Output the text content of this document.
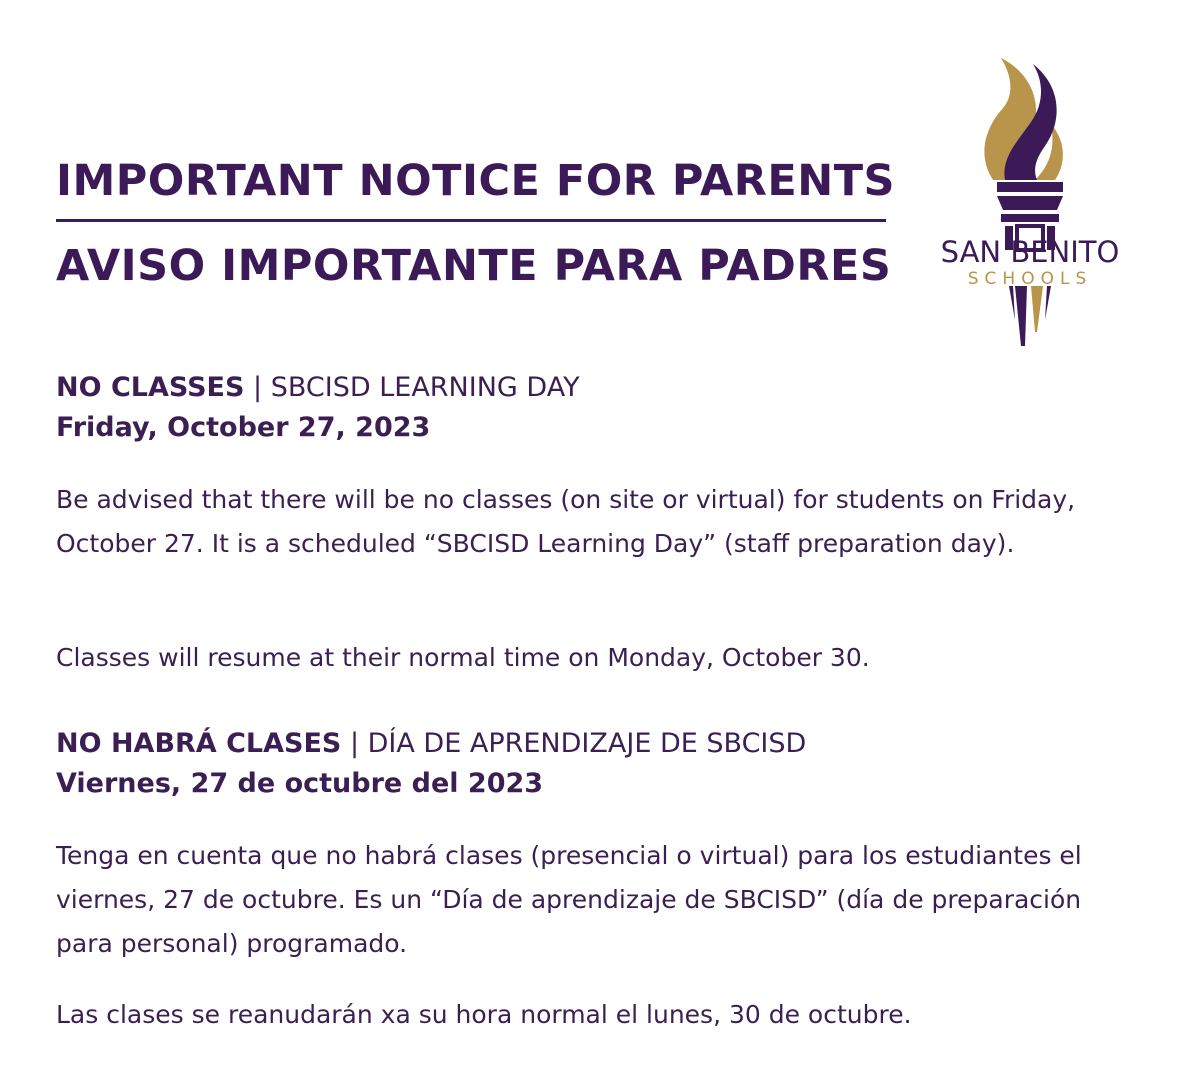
IMPORTANT NOTICE FOR PARENTS
AVISO IMPORTANTE PARA PADRES SAN BENITO
SCHOOLS
NO CLASSES | SBCISD LEARNING DAY
Friday, October 27, 2023

Be advised that there will be no classes (on site or virtual) for students on Friday, October 27. It is a scheduled “SBCISD Learning Day” (staff preparation day).

Classes will resume at their normal time on Monday, October 30.

NO HABRÁ CLASES | DÍA DE APRENDIZAJE DE SBCISD
Viernes, 27 de octubre del 2023

Tenga en cuenta que no habrá clases (presencial o virtual) para los estudiantes el viernes, 27 de octubre. Es un “Día de aprendizaje de SBCISD” (día de preparación para personal) programado.

Las clases se reanudarán xa su hora normal el lunes, 30 de octubre.
